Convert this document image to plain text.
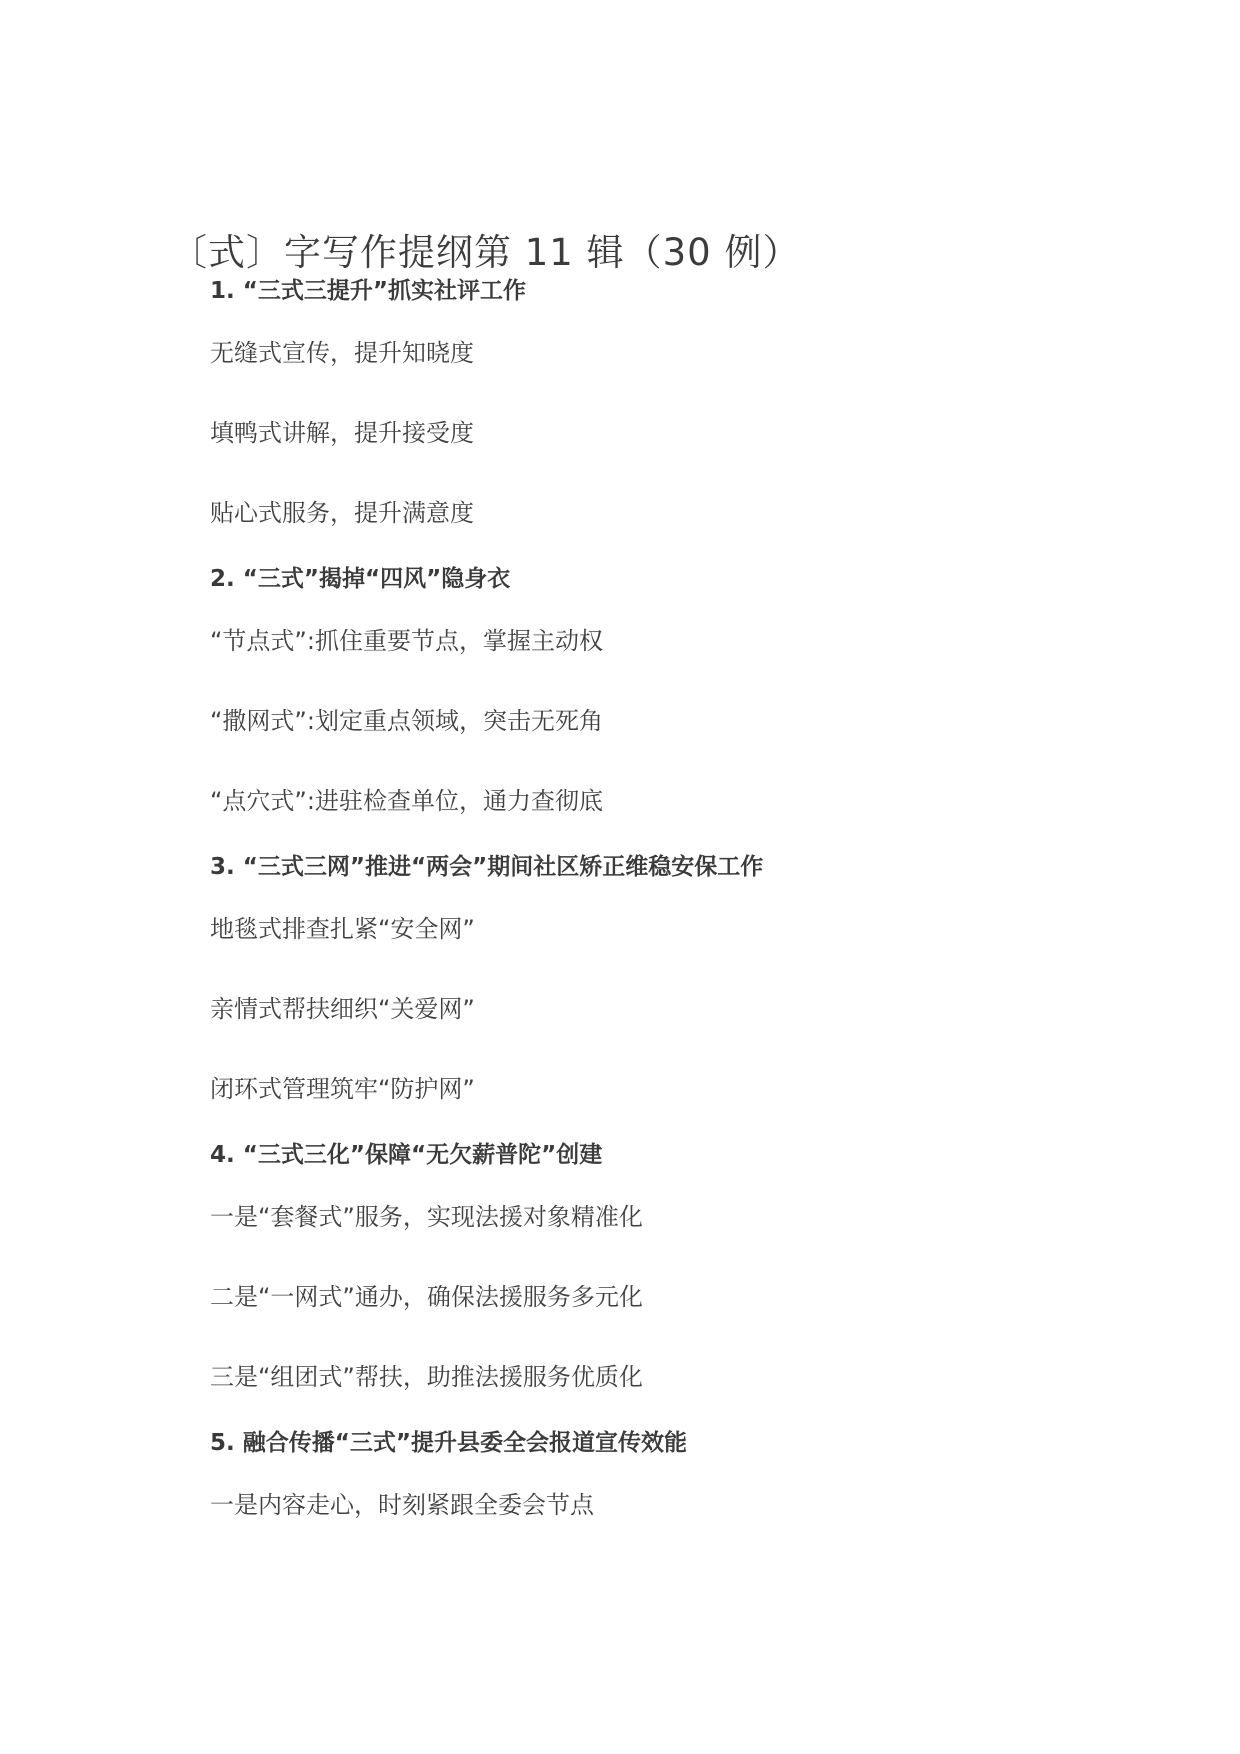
〔式〕字写作提纲第 11 辑（30 例）
1. “三式三提升”抓实社评工作
无缝式宣传，提升知晓度
填鸭式讲解，提升接受度
贴心式服务，提升满意度
2. “三式”揭掉“四风”隐身衣
“节点式”:抓住重要节点，掌握主动权
“撒网式”:划定重点领域，突击无死角
“点穴式”:进驻检查单位，通力查彻底
3. “三式三网”推进“两会”期间社区矫正维稳安保工作
地毯式排查扎紧“安全网”
亲情式帮扶细织“关爱网”
闭环式管理筑牢“防护网”
4. “三式三化”保障“无欠薪普陀”创建
一是“套餐式”服务，实现法援对象精准化
二是“一网式”通办，确保法援服务多元化
三是“组团式”帮扶，助推法援服务优质化
5. 融合传播“三式”提升县委全会报道宣传效能
一是内容走心，时刻紧跟全委会节点
